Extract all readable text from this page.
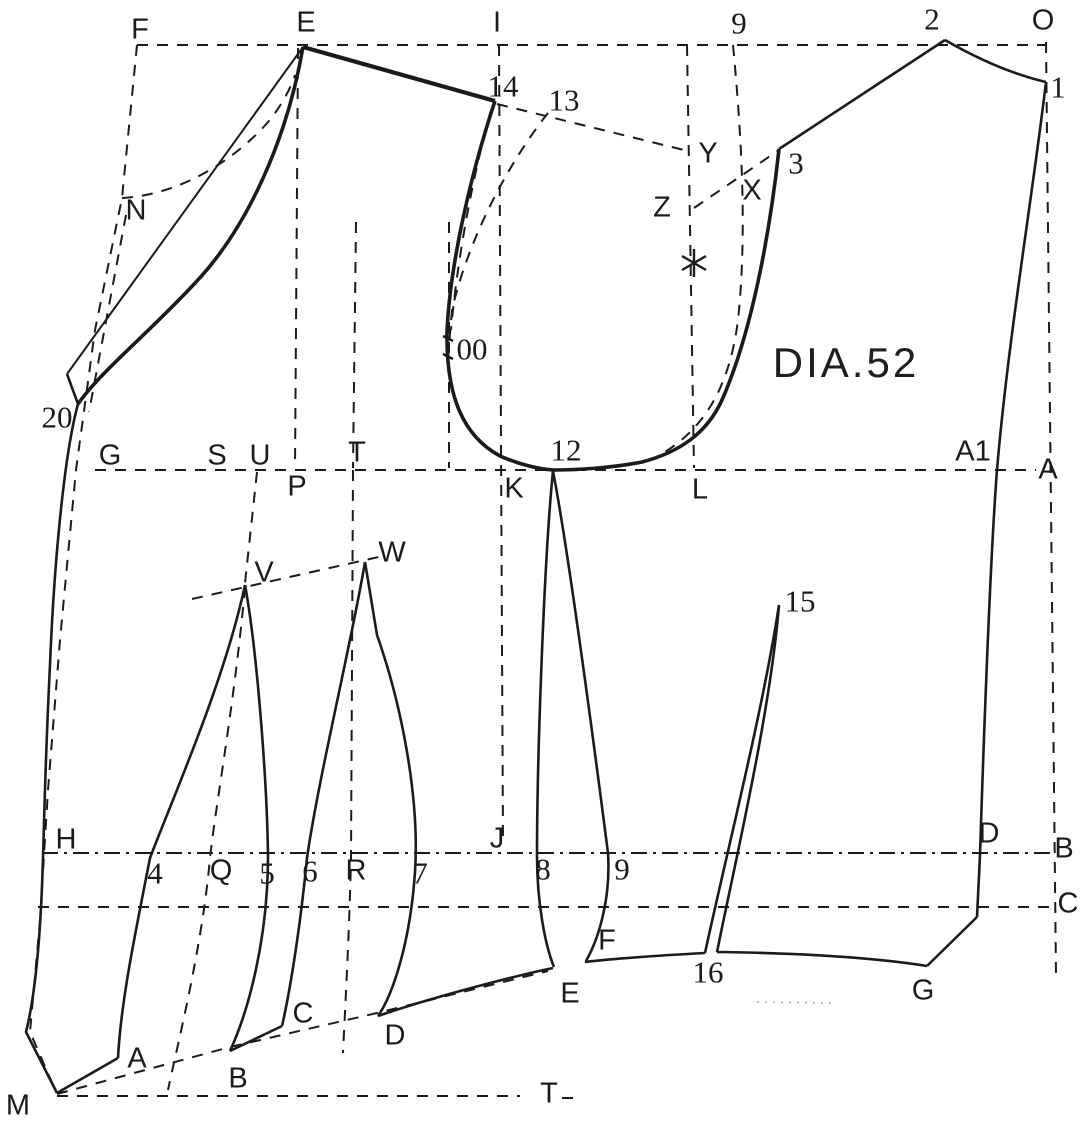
F	E	I	9	2	O
1
N
14 13
Y
X
Z
3
00
20
G	S U	T	12	A1
P	K	L
A
V
W
15
H	J	D B
C
4 Q 5 6 R 7	8 9
F
E
16
G
A
B
C
D
M	T
DIA.52
